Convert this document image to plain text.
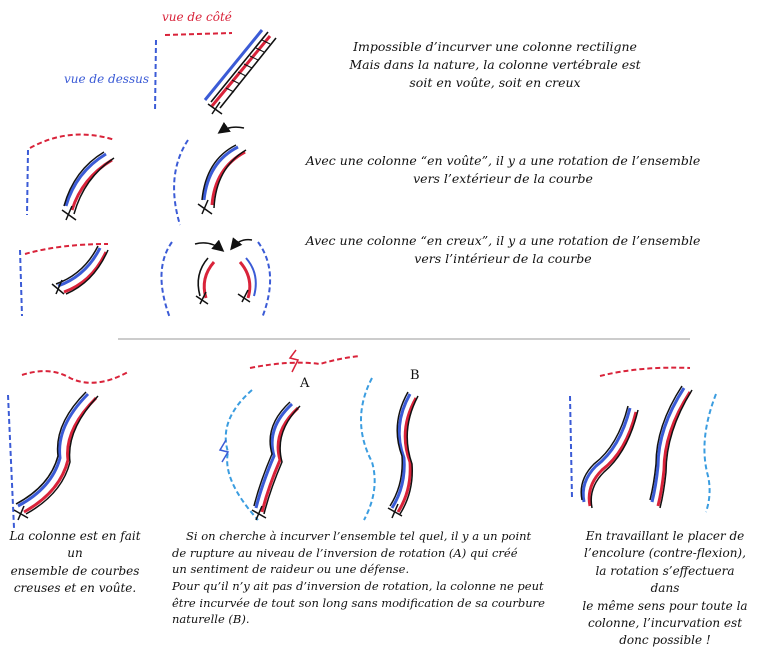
vue de côté
vue de dessus
A
B
Impossible d’incurver une colonne rectiligne
Mais dans la nature, la colonne vertébrale est
soit en voûte, soit en creux
Avec une colonne “en voûte”, il y a une rotation de l’ensemble
vers l’extérieur de la courbe
Avec une colonne “en creux”, il y a une rotation de l’ensemble
vers l’intérieur de la courbe
La colonne est en fait un
ensemble de courbes
creuses et en voûte.
Si on cherche à incurver l’ensemble tel quel, il y a un point
de rupture au niveau de l’inversion de rotation (A) qui créé
un sentiment de raideur ou une défense.
Pour qu’il n’y ait pas d’inversion de rotation, la colonne ne peut
être incurvée de tout son long sans modification de sa courbure
naturelle (B).
En travaillant le placer de
l’encolure (contre-flexion),
la rotation s’effectuera dans
le même sens pour toute la
colonne, l’incurvation est
donc possible !
